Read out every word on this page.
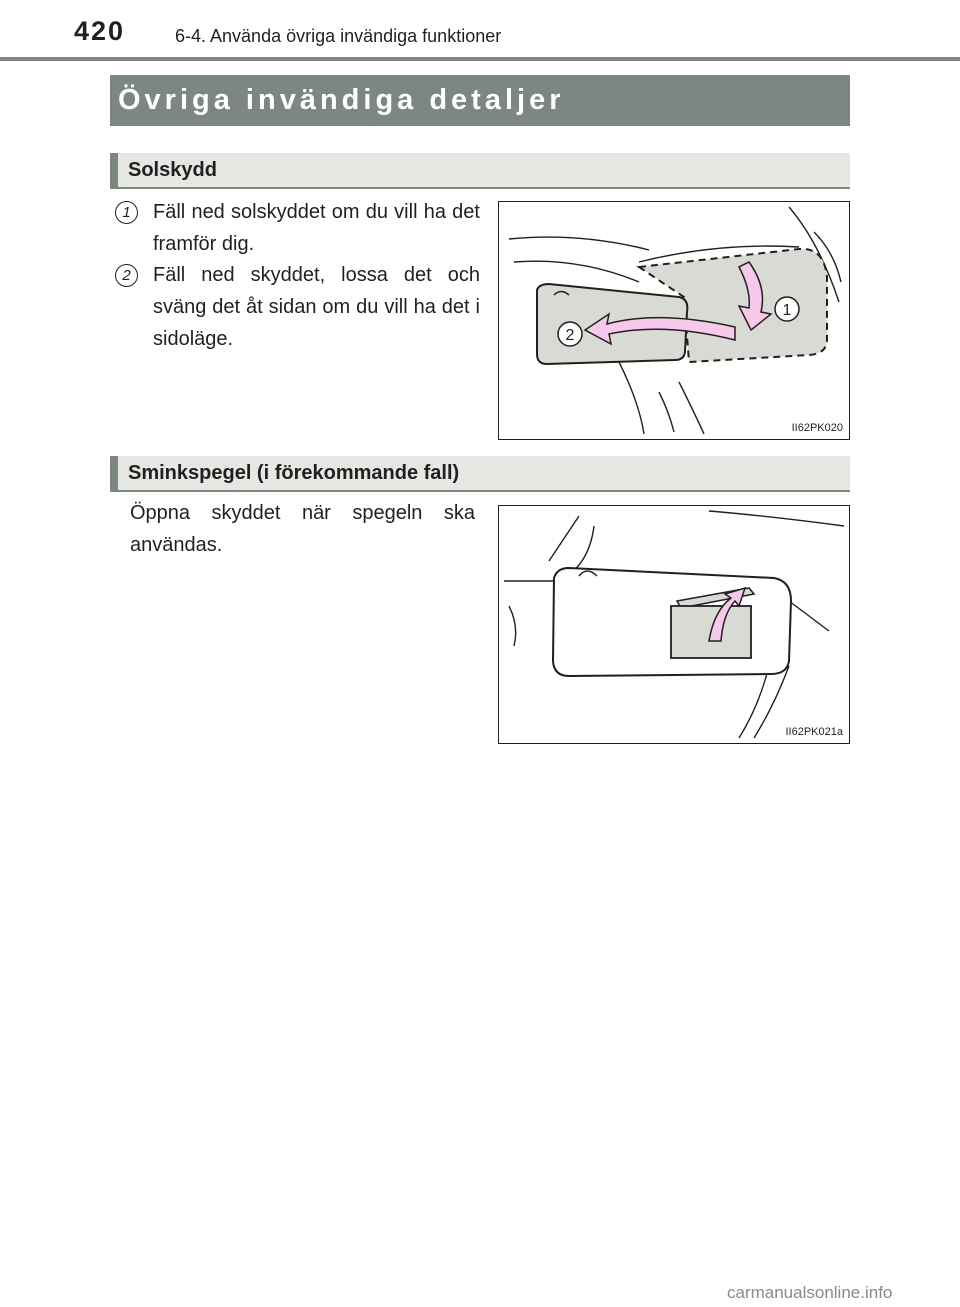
420	6-4. Använda övriga invändiga funktioner
Övriga invändiga detaljer
Solskydd
1	Fäll ned solskyddet om du vill ha det framför dig.
2	Fäll ned skyddet, lossa det och sväng det åt sidan om du vill ha det i sidoläge.
1
2
II62PK020
Sminkspegel (i förekommande fall)
Öppna skyddet när spegeln ska användas.
II62PK021a
carmanualsonline.info
